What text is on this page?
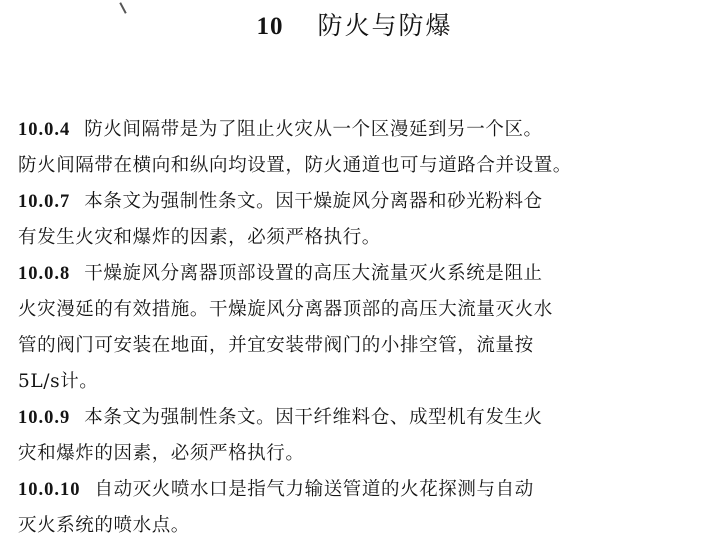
10 防火与防爆
10.0.4 防火间隔带是为了阻止火灾从一个区漫延到另一个区。
防火间隔带在横向和纵向均设置，防火通道也可与道路合并设置。
10.0.7 本条文为强制性条文。因干燥旋风分离器和砂光粉料仓
有发生火灾和爆炸的因素，必须严格执行。
10.0.8 干燥旋风分离器顶部设置的高压大流量灭火系统是阻止
火灾漫延的有效措施。干燥旋风分离器顶部的高压大流量灭火水
管的阀门可安装在地面，并宜安装带阀门的小排空管，流量按
5L/s计。
10.0.9 本条文为强制性条文。因干纤维料仓、成型机有发生火
灾和爆炸的因素，必须严格执行。
10.0.10 自动灭火喷水口是指气力输送管道的火花探测与自动
灭火系统的喷水点。
